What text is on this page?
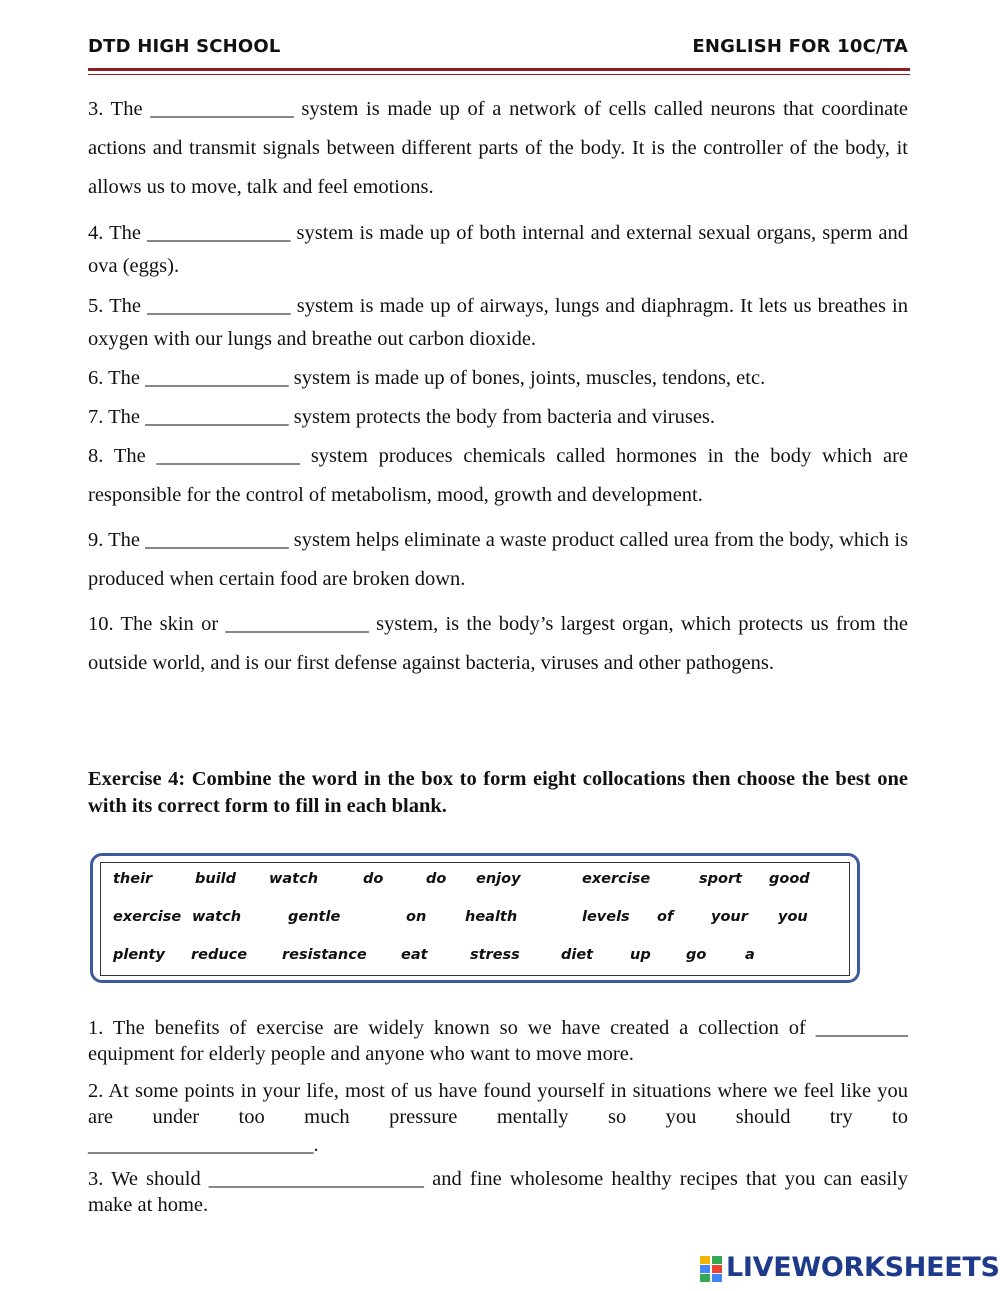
DTD HIGH SCHOOL	ENGLISH FOR 10C/TA

3. The ______________ system is made up of a network of cells called neurons that coordinate actions and transmit signals between different parts of the body. It is the controller of the body, it allows us to move, talk and feel emotions.

4. The ______________ system is made up of both internal and external sexual organs, sperm and ova (eggs).

5. The ______________ system is made up of airways, lungs and diaphragm. It lets us breathes in oxygen with our lungs and breathe out carbon dioxide.

6. The ______________ system is made up of bones, joints, muscles, tendons, etc.

7. The ______________ system protects the body from bacteria and viruses.

8. The ______________ system produces chemicals called hormones in the body which are responsible for the control of metabolism, mood, growth and development.

9. The ______________ system helps eliminate a waste product called urea from the body, which is produced when certain food are broken down.

10. The skin or ______________ system, is the body’s largest organ, which protects us from the outside world, and is our first defense against bacteria, viruses and other pathogens.

Exercise 4: Combine the word in the box to form eight collocations then choose the best one with its correct form to fill in each blank.
their	build watch	do	do enjoy	exercise	sport good
exercise watch	gentle	on	health	levels of	your you
plenty reduce resistance eat	stress	diet	up go	a

1. The benefits of exercise are widely known so we have created a collection of _________ equipment for elderly people and anyone who want to move more.

2. At some points in your life, most of us have found yourself in situations where we feel like you are under too much pressure mentally so you should try to

______________________.

3. We should _____________________ and fine wholesome healthy recipes that you can easily make at home.

LIVEWORKSHEETS
